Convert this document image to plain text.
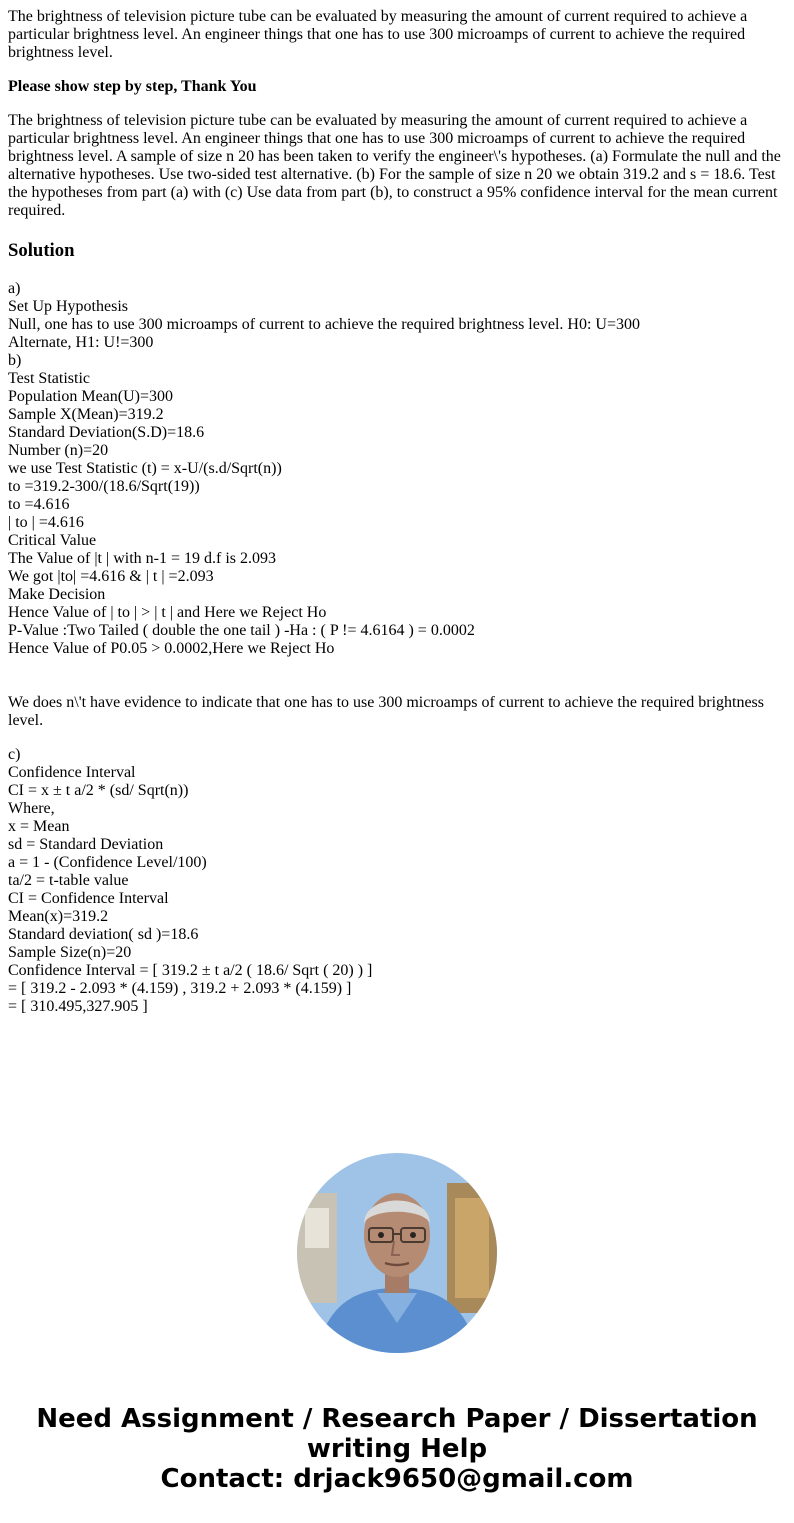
The brightness of television picture tube can be evaluated by measuring the amount of current required to achieve a particular brightness level. An engineer things that one has to use 300 microamps of current to achieve the required brightness level.

Please show step by step, Thank You

The brightness of television picture tube can be evaluated by measuring the amount of current required to achieve a particular brightness level. An engineer things that one has to use 300 microamps of current to achieve the required brightness level. A sample of size n 20 has been taken to verify the engineer\'s hypotheses. (a) Formulate the null and the alternative hypotheses. Use two-sided test alternative. (b) For the sample of size n 20 we obtain 319.2 and s = 18.6. Test the hypotheses from part (a) with (c) Use data from part (b), to construct a 95% confidence interval for the mean current required.

Solution
a)
Set Up Hypothesis
Null, one has to use 300 microamps of current to achieve the required brightness level. H0: U=300
Alternate, H1: U!=300
b)
Test Statistic
Population Mean(U)=300
Sample X(Mean)=319.2
Standard Deviation(S.D)=18.6
Number (n)=20
we use Test Statistic (t) = x-U/(s.d/Sqrt(n))
to =319.2-300/(18.6/Sqrt(19))
to =4.616
| to | =4.616
Critical Value
The Value of |t | with n-1 = 19 d.f is 2.093
We got |to| =4.616 & | t | =2.093
Make Decision
Hence Value of | to | > | t | and Here we Reject Ho
P-Value :Two Tailed ( double the one tail ) -Ha : ( P != 4.6164 ) = 0.0002
Hence Value of P0.05 > 0.0002,Here we Reject Ho

We does n\'t have evidence to indicate that one has to use 300 microamps of current to achieve the required brightness level.

c)
Confidence Interval
CI = x ± t a/2 * (sd/ Sqrt(n))
Where,
x = Mean
sd = Standard Deviation
a = 1 - (Confidence Level/100)
ta/2 = t-table value
CI = Confidence Interval
Mean(x)=319.2
Standard deviation( sd )=18.6
Sample Size(n)=20
Confidence Interval = [ 319.2 ± t a/2 ( 18.6/ Sqrt ( 20) ) ]
= [ 319.2 - 2.093 * (4.159) , 319.2 + 2.093 * (4.159) ]
= [ 310.495,327.905 ]
Need Assignment / Research Paper / Dissertation
writing Help
Contact: drjack9650@gmail.com
